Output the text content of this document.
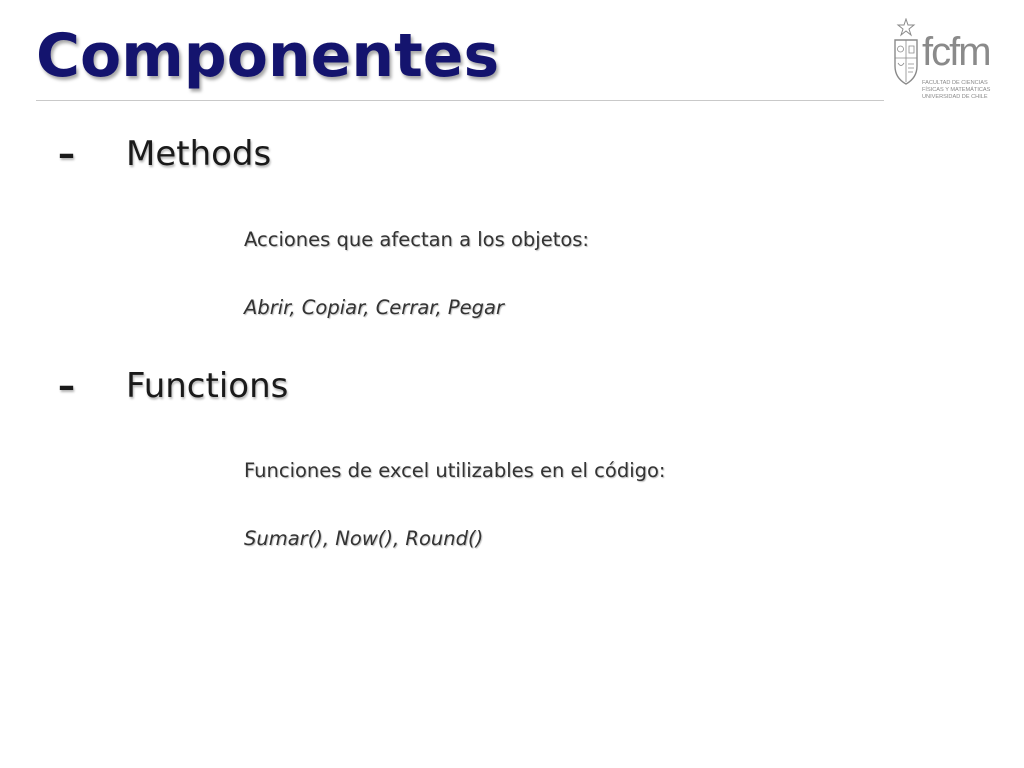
Componentes	fcfm
FACULTAD DE CIENCIAS
FÍSICAS Y MATEMÁTICAS
UNIVERSIDAD DE CHILE
–	Methods
Acciones que afectan a los objetos:
Abrir, Copiar, Cerrar, Pegar
–	Functions
Funciones de excel utilizables en el código:
Sumar(), Now(), Round()
